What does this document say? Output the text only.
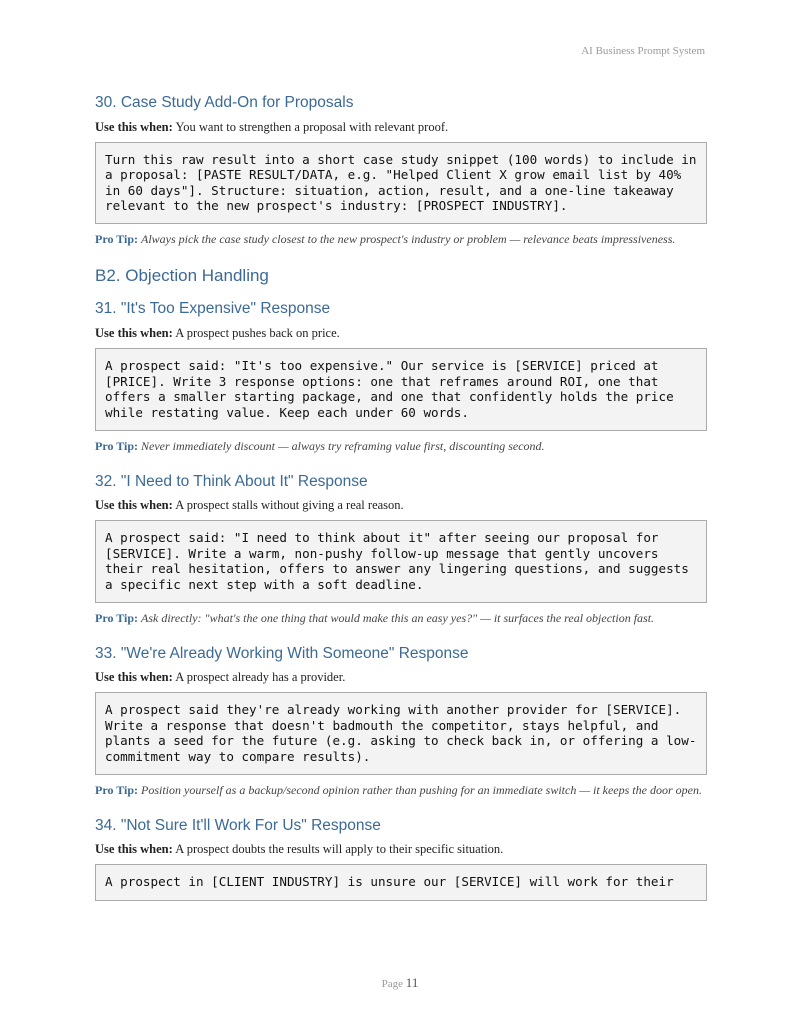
AI Business Prompt System
30. Case Study Add-On for Proposals

Use this when: You want to strengthen a proposal with relevant proof.

Turn this raw result into a short case study snippet (100 words) to include in a proposal: [PASTE RESULT/DATA, e.g. "Helped Client X grow email list by 40% in 60 days"]. Structure: situation, action, result, and a one-line takeaway relevant to the new prospect's industry: [PROSPECT INDUSTRY].

Pro Tip: Always pick the case study closest to the new prospect's industry or problem — relevance beats impressiveness.

B2. Objection Handling
31. "It's Too Expensive" Response

Use this when: A prospect pushes back on price.

A prospect said: "It's too expensive." Our service is [SERVICE] priced at [PRICE]. Write 3 response options: one that reframes around ROI, one that offers a smaller starting package, and one that confidently holds the price while restating value. Keep each under 60 words.

Pro Tip: Never immediately discount — always try reframing value first, discounting second.

32. "I Need to Think About It" Response

Use this when: A prospect stalls without giving a real reason.

A prospect said: "I need to think about it" after seeing our proposal for [SERVICE]. Write a warm, non-pushy follow-up message that gently uncovers their real hesitation, offers to answer any lingering questions, and suggests a specific next step with a soft deadline.

Pro Tip: Ask directly: "what's the one thing that would make this an easy yes?" — it surfaces the real objection fast.

33. "We're Already Working With Someone" Response

Use this when: A prospect already has a provider.

A prospect said they're already working with another provider for [SERVICE]. Write a response that doesn't badmouth the competitor, stays helpful, and plants a seed for the future (e.g. asking to check back in, or offering a low-commitment way to compare results).

Pro Tip: Position yourself as a backup/second opinion rather than pushing for an immediate switch — it keeps the door open.

34. "Not Sure It'll Work For Us" Response

Use this when: A prospect doubts the results will apply to their specific situation.

A prospect in [CLIENT INDUSTRY] is unsure our [SERVICE] will work for their
Page 11
